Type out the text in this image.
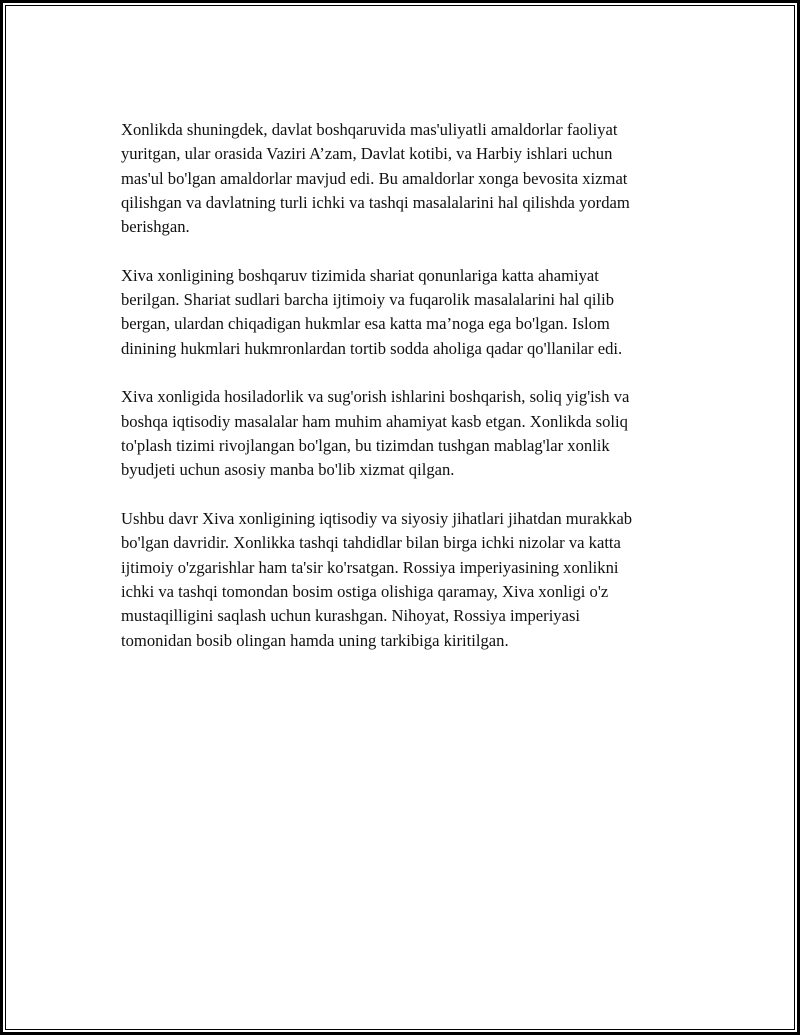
Xonlikda shuningdek, davlat boshqaruvida mas'uliyatli amaldorlar faoliyat
yuritgan, ular orasida Vaziri A’zam, Davlat kotibi, va Harbiy ishlari uchun
mas'ul bo'lgan amaldorlar mavjud edi. Bu amaldorlar xonga bevosita xizmat
qilishgan va davlatning turli ichki va tashqi masalalarini hal qilishda yordam
berishgan.

Xiva xonligining boshqaruv tizimida shariat qonunlariga katta ahamiyat
berilgan. Shariat sudlari barcha ijtimoiy va fuqarolik masalalarini hal qilib
bergan, ulardan chiqadigan hukmlar esa katta ma’noga ega bo'lgan. Islom
dinining hukmlari hukmronlardan tortib sodda aholiga qadar qo'llanilar edi.

Xiva xonligida hosiladorlik va sug'orish ishlarini boshqarish, soliq yig'ish va
boshqa iqtisodiy masalalar ham muhim ahamiyat kasb etgan. Xonlikda soliq
to'plash tizimi rivojlangan bo'lgan, bu tizimdan tushgan mablag'lar xonlik
byudjeti uchun asosiy manba bo'lib xizmat qilgan.

Ushbu davr Xiva xonligining iqtisodiy va siyosiy jihatlari jihatdan murakkab
bo'lgan davridir. Xonlikka tashqi tahdidlar bilan birga ichki nizolar va katta
ijtimoiy o'zgarishlar ham ta'sir ko'rsatgan. Rossiya imperiyasining xonlikni
ichki va tashqi tomondan bosim ostiga olishiga qaramay, Xiva xonligi o'z
mustaqilligini saqlash uchun kurashgan. Nihoyat, Rossiya imperiyasi
tomonidan bosib olingan hamda uning tarkibiga kiritilgan.
